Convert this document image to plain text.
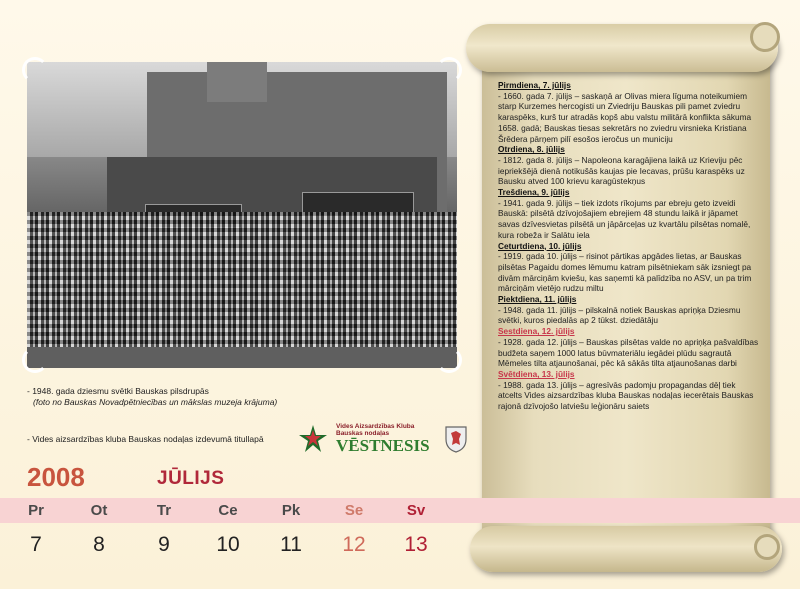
- 1948. gada dziesmu svētki Bauskas pilsdrupās
(foto no Bauskas Novadpētniecības un mākslas muzeja krājuma)
- Vides aizsardzības kluba Bauskas nodaļas izdevumā titullapā
Vides Aizsardzības Kluba
Bauskas nodaļas
VĒSTNESIS
Pirmdiena, 7. jūlijs
- 1660. gada 7. jūlijs – saskaņā ar Olivas miera līguma noteikumiem starp Kurzemes hercogisti un Zviedriju Bauskas pili pamet zviedru karaspēks, kurš tur atradās kopš abu valstu militārā konflikta sākuma 1658. gadā; Bauskas tiesas sekretārs no zviedru virsnieka Kristiana Šrēdera pārņem pilī esošos ieročus un municiju
Otrdiena, 8. jūlijs
- 1812. gada 8. jūlijs – Napoleona karagājiena laikā uz Krieviju pēc iepriekšējā dienā notikušās kaujas pie Iecavas, prūšu karaspēks uz Bausku atved 100 krievu karagūstekņus
Trešdiena, 9. jūlijs
- 1941. gada 9. jūlijs – tiek izdots rīkojums par ebreju geto izveidi Bauskā: pilsētā dzīvojošajiem ebrejiem 48 stundu laikā ir jāpamet savas dzīvesvietas pilsētā un jāpārceļas uz kvartālu pilsētas nomalē, kura robeža ir Salātu iela
Ceturtdiena, 10. jūlijs
- 1919. gada 10. jūlijs – risinot pārtikas apgādes lietas, ar Bauskas pilsētas Pagaidu domes lēmumu katram pilsētniekam sāk izsniegt pa divām mārciņām kviešu, kas saņemti kā palīdzība no ASV, un pa trim mārciņām vietējo rudzu miltu
Piektdiena, 11. jūlijs
- 1948. gada 11. jūlijs – pilskalnā notiek Bauskas apriņķa Dziesmu svētki, kuros piedalās ap 2 tūkst. dziedātāju
Sestdiena, 12. jūlijs
- 1928. gada 12. jūlijs – Bauskas pilsētas valde no apriņķa pašvaldības budžeta saņem 1000 latus būvmateriālu iegādei plūdu sagrautā Mēmeles tilta atjaunošanai, pēc kā sākās tilta atjaunošanas darbi
Svētdiena, 13. jūlijs
- 1988. gada 13. jūlijs – agresīvās padomju propagandas dēļ tiek atcelts Vides aizsardzības kluba Bauskas nodaļas iecerētais Bauskas rajonā dzīvojošo latviešu leģionāru saiets
2008	JŪLIJS
Pr	Ot	Tr	Ce	Pk	Se	Sv
7	8	9	10	11	12	13
